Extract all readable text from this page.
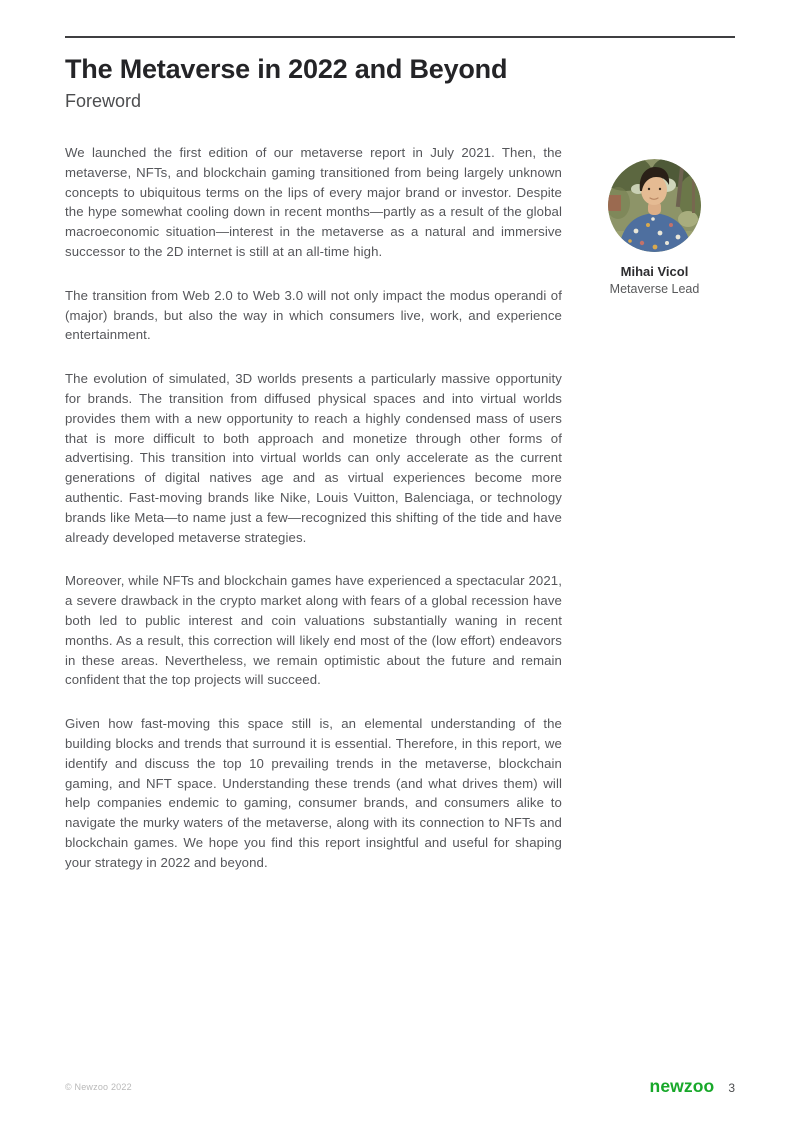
The Metaverse in 2022 and Beyond
Foreword

We launched the first edition of our metaverse report in July 2021. Then, the metaverse, NFTs, and blockchain gaming transitioned from being largely unknown concepts to ubiquitous terms on the lips of every major brand or investor. Despite the hype somewhat cooling down in recent months—partly as a result of the global macroeconomic situation—interest in the metaverse as a natural and immersive successor to the 2D internet is still at an all-time high.

The transition from Web 2.0 to Web 3.0 will not only impact the modus operandi of (major) brands, but also the way in which consumers live, work, and experience entertainment.

The evolution of simulated, 3D worlds presents a particularly massive opportunity for brands. The transition from diffused physical spaces and into virtual worlds provides them with a new opportunity to reach a highly condensed mass of users that is more difficult to both approach and monetize through other forms of advertising. This transition into virtual worlds can only accelerate as the current generations of digital natives age and as virtual experiences become more authentic. Fast-moving brands like Nike, Louis Vuitton, Balenciaga, or technology brands like Meta—to name just a few—recognized this shifting of the tide and have already developed metaverse strategies.

Moreover, while NFTs and blockchain games have experienced a spectacular 2021, a severe drawback in the crypto market along with fears of a global recession have both led to public interest and coin valuations substantially waning in recent months. As a result, this correction will likely end most of the (low effort) endeavors in these areas. Nevertheless, we remain optimistic about the future and remain confident that the top projects will succeed.

Given how fast-moving this space still is, an elemental understanding of the building blocks and trends that surround it is essential. Therefore, in this report, we identify and discuss the top 10 prevailing trends in the metaverse, blockchain gaming, and NFT space. Understanding these trends (and what drives them) will help companies endemic to gaming, consumer brands, and consumers alike to navigate the murky waters of the metaverse, along with its connection to NFTs and blockchain games. We hope you find this report insightful and useful for shaping your strategy in 2022 and beyond.

Mihai Vicol
Metaverse Lead
© Newzoo 2022	newzoo 3
